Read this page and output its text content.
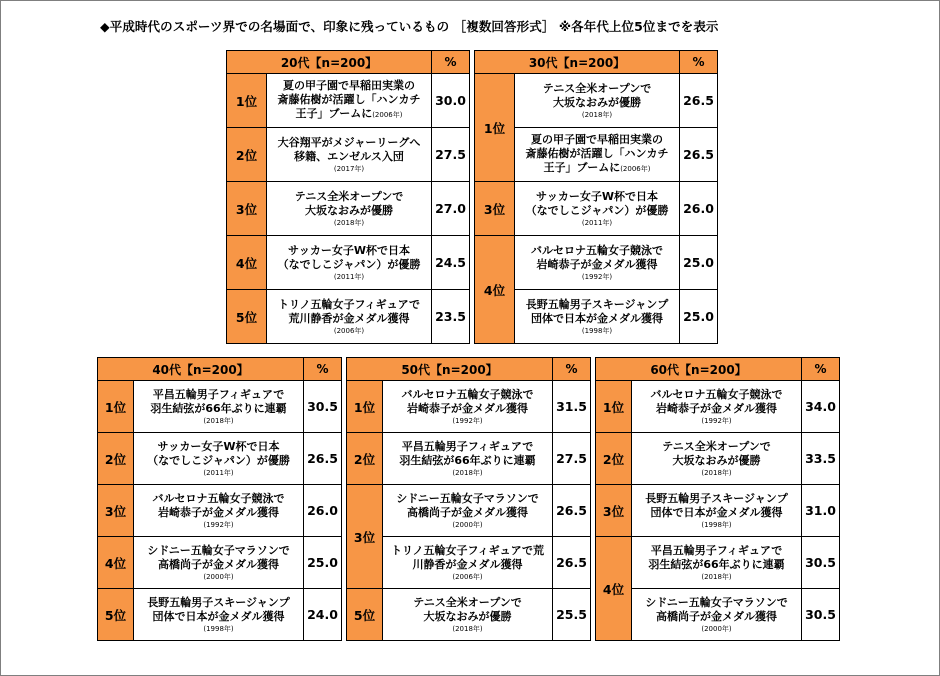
◆平成時代のスポーツ界での名場面で、印象に残っているもの ［複数回答形式］ ※各年代上位5位までを表示
20代【n=200】		%
1位	夏の甲子園で早稲田実業の
斎藤佑樹が活躍し「ハンカチ
王子」ブームに(2006年)	30.0
2位	大谷翔平がメジャーリーグへ
移籍、エンゼルス入団
(2017年)	27.5
3位	テニス全米オープンで
大坂なおみが優勝
(2018年)	27.0
4位	サッカー女子W杯で日本
（なでしこジャパン）が優勝
(2011年)	24.5
5位	トリノ五輪女子フィギュアで
荒川静香が金メダル獲得
(2006年)	23.5
30代【n=200】		%
1位	テニス全米オープンで
大坂なおみが優勝
(2018年)	26.5
	夏の甲子園で早稲田実業の
斎藤佑樹が活躍し「ハンカチ
王子」ブームに(2006年)	26.5
3位	サッカー女子W杯で日本
（なでしこジャパン）が優勝
(2011年)	26.0
4位	バルセロナ五輪女子競泳で
岩崎恭子が金メダル獲得
(1992年)	25.0
	長野五輪男子スキージャンプ
団体で日本が金メダル獲得
(1998年)	25.0
40代【n=200】		%
1位	平昌五輪男子フィギュアで
羽生結弦が66年ぶりに連覇
(2018年)	30.5
2位	サッカー女子W杯で日本
（なでしこジャパン）が優勝
(2011年)	26.5
3位	バルセロナ五輪女子競泳で
岩崎恭子が金メダル獲得
(1992年)	26.0
4位	シドニー五輪女子マラソンで
高橋尚子が金メダル獲得
(2000年)	25.0
5位	長野五輪男子スキージャンプ
団体で日本が金メダル獲得
(1998年)	24.0
50代【n=200】		%
1位	バルセロナ五輪女子競泳で
岩崎恭子が金メダル獲得
(1992年)	31.5
2位	平昌五輪男子フィギュアで
羽生結弦が66年ぶりに連覇
(2018年)	27.5
3位	シドニー五輪女子マラソンで
高橋尚子が金メダル獲得
(2000年)	26.5
	トリノ五輪女子フィギュアで荒
川静香が金メダル獲得
(2006年)	26.5
5位	テニス全米オープンで
大坂なおみが優勝
(2018年)	25.5
60代【n=200】		%
1位	バルセロナ五輪女子競泳で
岩崎恭子が金メダル獲得
(1992年)	34.0
2位	テニス全米オープンで
大坂なおみが優勝
(2018年)	33.5
3位	長野五輪男子スキージャンプ
団体で日本が金メダル獲得
(1998年)	31.0
4位	平昌五輪男子フィギュアで
羽生結弦が66年ぶりに連覇
(2018年)	30.5
	シドニー五輪女子マラソンで
高橋尚子が金メダル獲得
(2000年)	30.5
